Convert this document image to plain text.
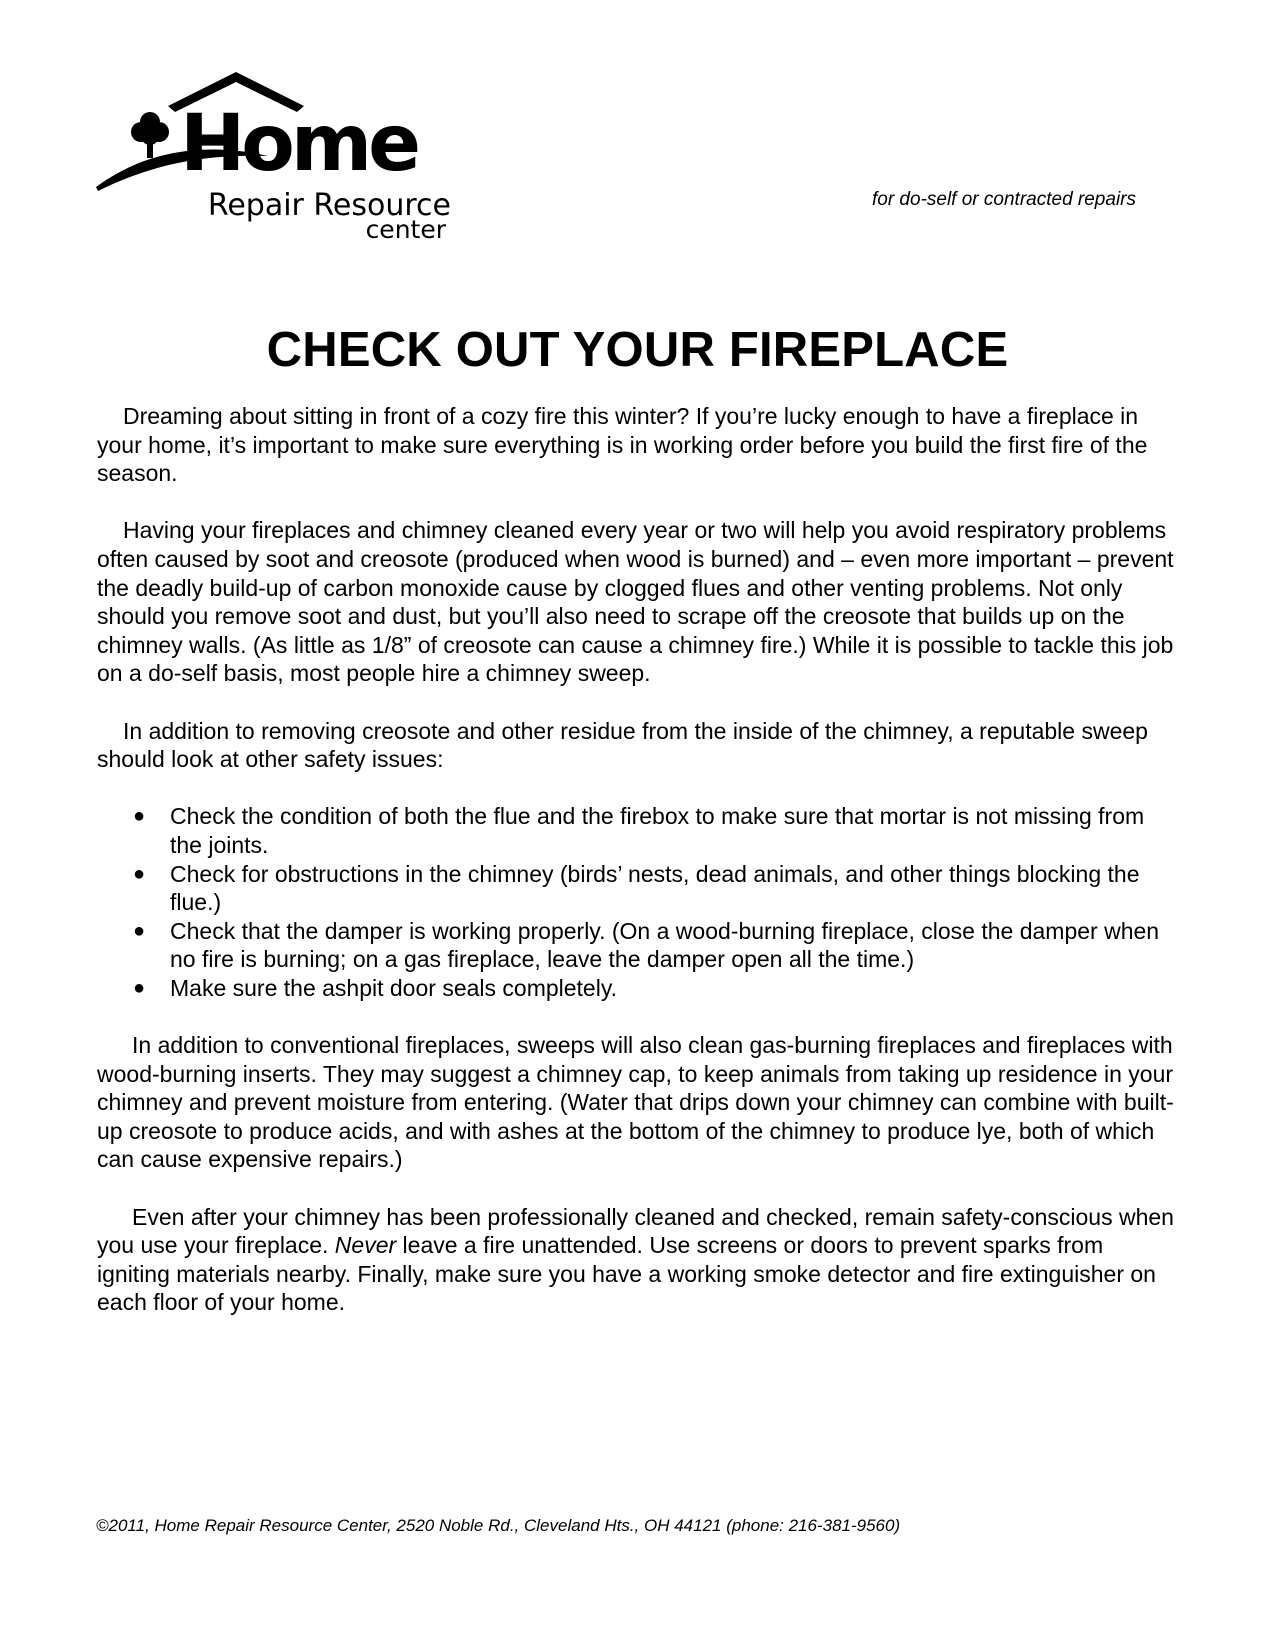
Home
Repair Resource
center
for do-self or contracted repairs
CHECK OUT YOUR FIREPLACE

Dreaming about sitting in front of a cozy fire this winter? If you’re lucky enough to have a fireplace in your home, it’s important to make sure everything is in working order before you build the first fire of the season.

Having your fireplaces and chimney cleaned every year or two will help you avoid respiratory problems often caused by soot and creosote (produced when wood is burned) and – even more important – prevent the deadly build-up of carbon monoxide cause by clogged flues and other venting problems. Not only should you remove soot and dust, but you’ll also need to scrape off the creosote that builds up on the chimney walls. (As little as 1/8” of creosote can cause a chimney fire.) While it is possible to tackle this job on a do-self basis, most people hire a chimney sweep.

In addition to removing creosote and other residue from the inside of the chimney, a reputable sweep should look at other safety issues:

● Check the condition of both the flue and the firebox to make sure that mortar is not missing from the joints.
● Check for obstructions in the chimney (birds’ nests, dead animals, and other things blocking the flue.)
● Check that the damper is working properly. (On a wood-burning fireplace, close the damper when no fire is burning; on a gas fireplace, leave the damper open all the time.)
● Make sure the ashpit door seals completely.

In addition to conventional fireplaces, sweeps will also clean gas-burning fireplaces and fireplaces with wood-burning inserts. They may suggest a chimney cap, to keep animals from taking up residence in your chimney and prevent moisture from entering. (Water that drips down your chimney can combine with built-up creosote to produce acids, and with ashes at the bottom of the chimney to produce lye, both of which can cause expensive repairs.)

Even after your chimney has been professionally cleaned and checked, remain safety-conscious when you use your fireplace. Never leave a fire unattended. Use screens or doors to prevent sparks from igniting materials nearby. Finally, make sure you have a working smoke detector and fire extinguisher on each floor of your home.

©2011, Home Repair Resource Center, 2520 Noble Rd., Cleveland Hts., OH 44121 (phone: 216-381-9560)
